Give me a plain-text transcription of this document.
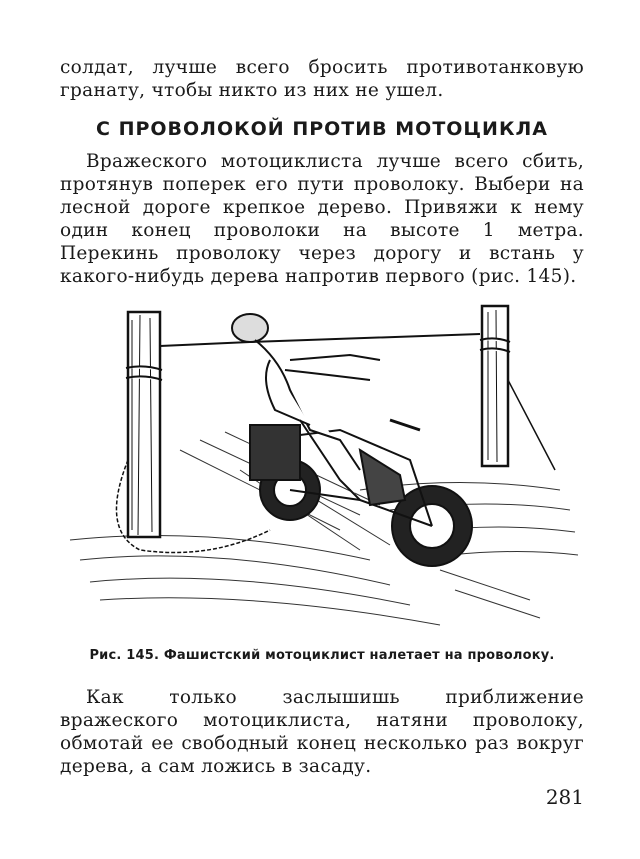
солдат, лучше всего бросить противотанковую гранату, чтобы никто из них не ушел.

С ПРОВОЛОКОЙ ПРОТИВ МОТОЦИКЛА

Вражеского мотоциклиста лучше всего сбить, протянув поперек его пути проволоку. Выбери на лесной дороге крепкое дерево. Привяжи к нему один конец проволоки на высоте 1 метра. Перекинь проволоку через дорогу и встань у какого-нибудь дерева напротив первого (рис. 145).

Рис. 145. Фашистский мотоциклист налетает на проволоку.

Как только заслышишь приближение вражеского мотоциклиста, натяни проволоку, обмотай ее свободный конец несколько раз вокруг дерева, а сам ложись в засаду.

281
